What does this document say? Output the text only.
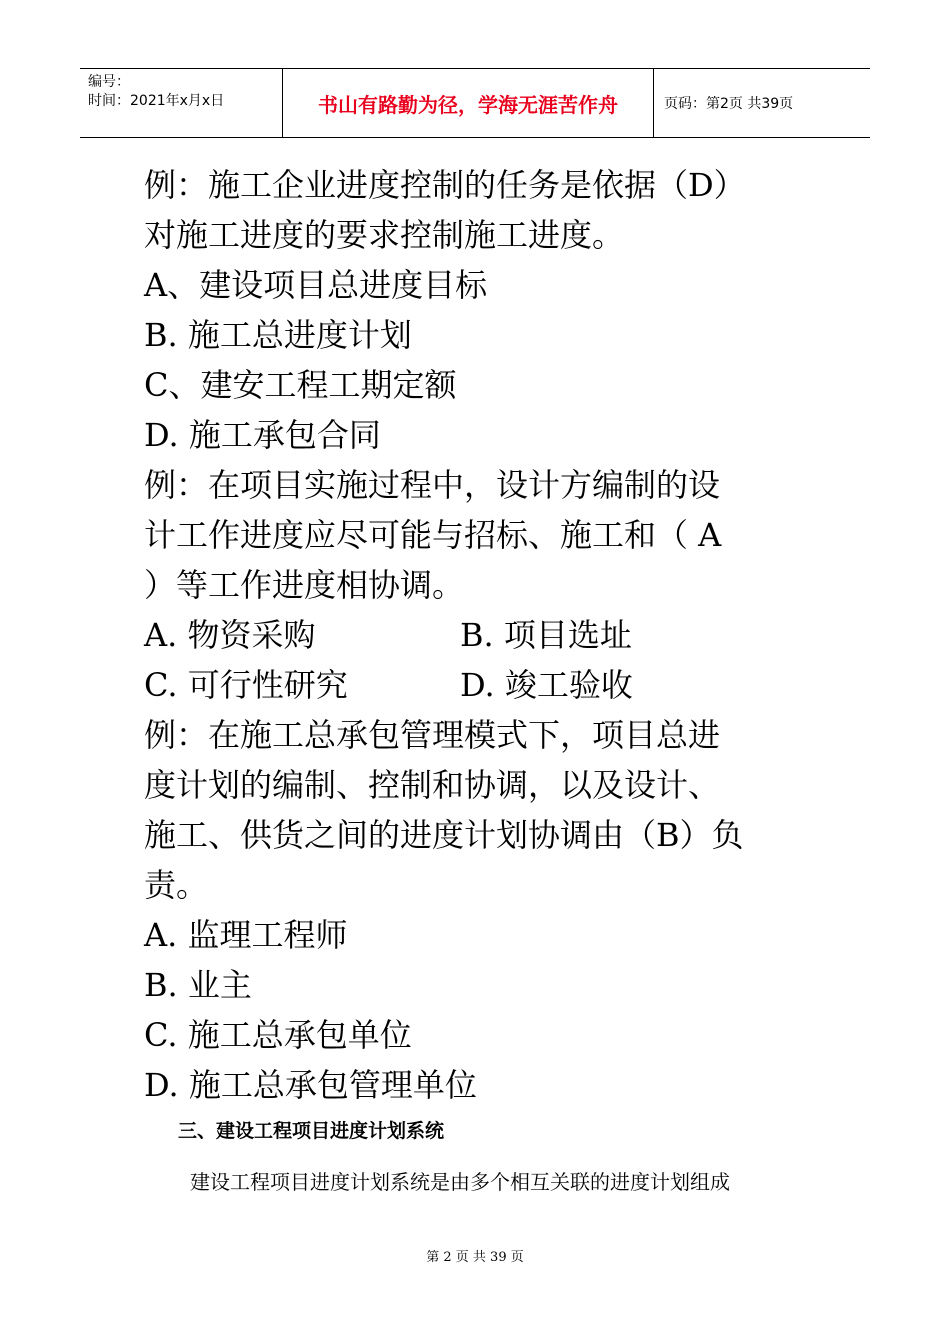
编号：
时间：2021年x月x日	书山有路勤为径，学海无涯苦作舟	页码：第2页 共39页
例：施工企业进度控制的任务是依据（D）
对施工进度的要求控制施工进度。
A、建设项目总进度目标
B. 施工总进度计划
C、建安工程工期定额
D. 施工承包合同
例：在项目实施过程中，设计方编制的设
计工作进度应尽可能与招标、施工和（ A
）等工作进度相协调。
A. 物资采购	B. 项目选址
C. 可行性研究	D. 竣工验收
例：在施工总承包管理模式下，项目总进
度计划的编制、控制和协调，以及设计、
施工、供货之间的进度计划协调由（B）负
责。
A. 监理工程师
B. 业主
C. 施工总承包单位
D. 施工总承包管理单位
三、建设工程项目进度计划系统
建设工程项目进度计划系统是由多个相互关联的进度计划组成
第 2 页 共 39 页
